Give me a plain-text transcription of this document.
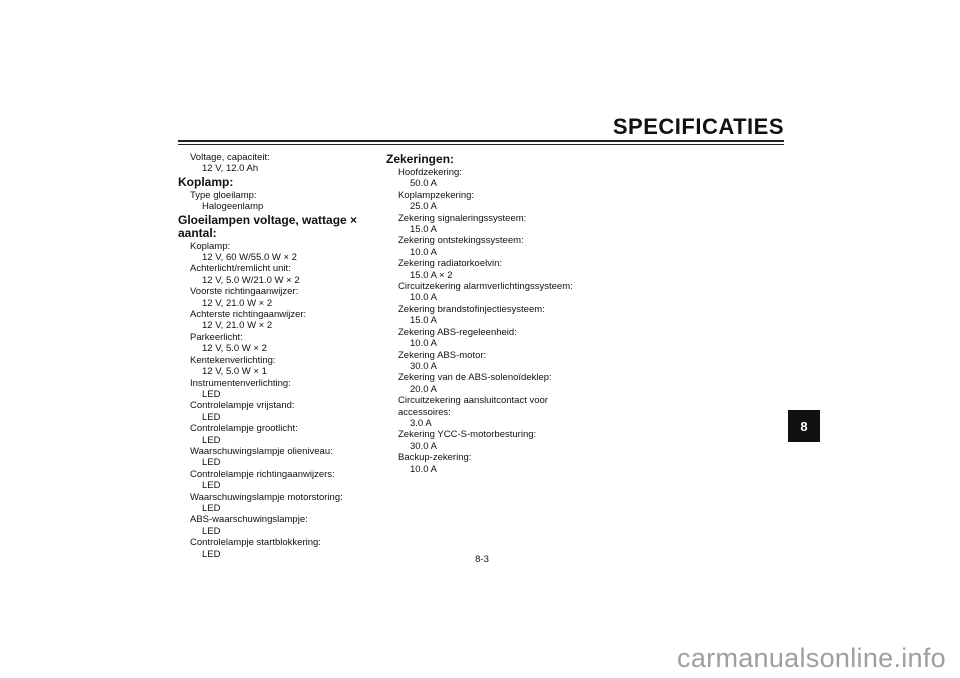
SPECIFICATIES
Voltage, capaciteit:
12 V, 12.0 Ah
Koplamp:
Type gloeilamp:
Halogeenlamp
Gloeilampen voltage, wattage × aantal:
Koplamp:
12 V, 60 W/55.0 W × 2
Achterlicht/remlicht unit:
12 V, 5.0 W/21.0 W × 2
Voorste richtingaanwijzer:
12 V, 21.0 W × 2
Achterste richtingaanwijzer:
12 V, 21.0 W × 2
Parkeerlicht:
12 V, 5.0 W × 2
Kentekenverlichting:
12 V, 5.0 W × 1
Instrumentenverlichting:
LED
Controlelampje vrijstand:
LED
Controlelampje grootlicht:
LED
Waarschuwingslampje olieniveau:
LED
Controlelampje richtingaanwijzers:
LED
Waarschuwingslampje motorstoring:
LED
ABS-waarschuwingslampje:
LED
Controlelampje startblokkering:
LED
Zekeringen:
Hoofdzekering:
50.0 A
Koplampzekering:
25.0 A
Zekering signaleringssysteem:
15.0 A
Zekering ontstekingssysteem:
10.0 A
Zekering radiatorkoelvin:
15.0 A × 2
Circuitzekering alarmverlichtingssysteem:
10.0 A
Zekering brandstofinjectiesysteem:
15.0 A
Zekering ABS-regeleenheid:
10.0 A
Zekering ABS-motor:
30.0 A
Zekering van de ABS-solenoïdeklep:
20.0 A
Circuitzekering aansluitcontact voor
accessoires:
3.0 A
Zekering YCC-S-motorbesturing:
30.0 A
Backup-zekering:
10.0 A
8
8-3
carmanualsonline.info
